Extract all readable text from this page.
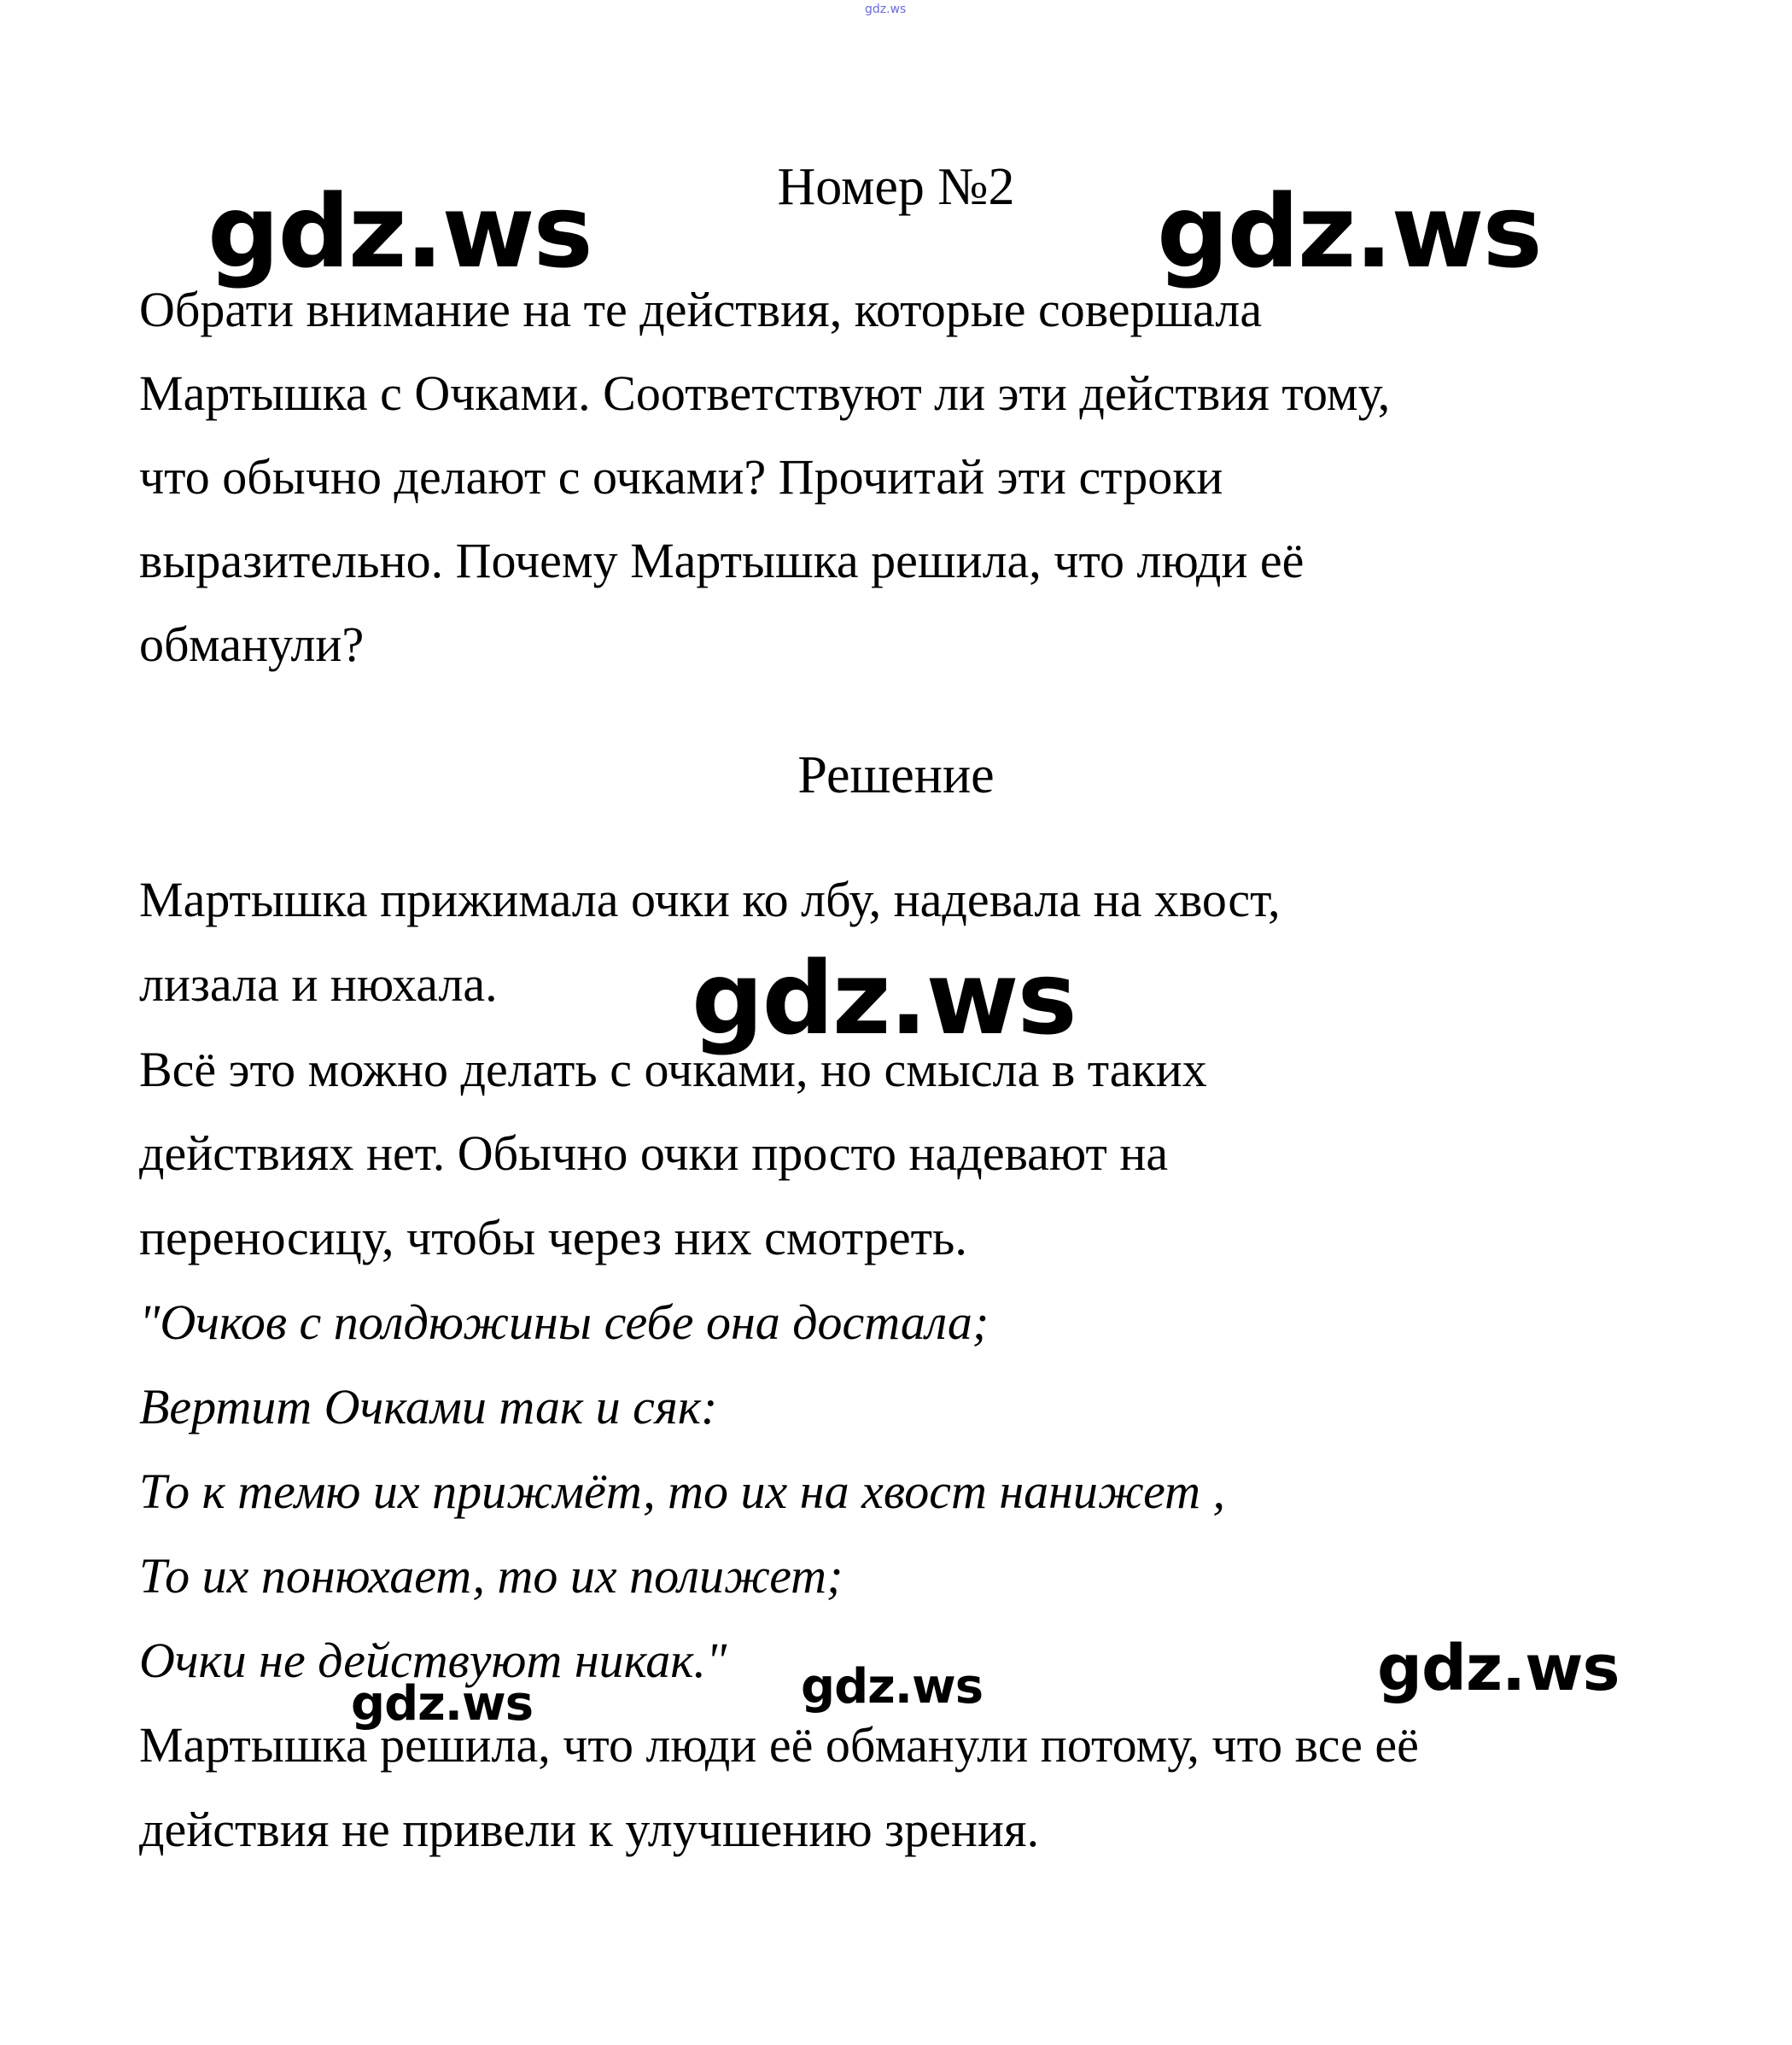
gdz.ws
Номер №2
Обрати внимание на те действия, которые совершала
Мартышка с Очками. Соответствуют ли эти действия тому,
что обычно делают с очками? Прочитай эти строки
выразительно. Почему Мартышка решила, что люди её
обманули?
Решение
Мартышка прижимала очки ко лбу, надевала на хвост,
лизала и нюхала.
Всё это можно делать с очками, но смысла в таких
действиях нет. Обычно очки просто надевают на
переносицу, чтобы через них смотреть.
"Очков с полдюжины себе она достала;
Вертит Очками так и сяк:
То к темю их прижмёт, то их на хвост нанижет ,
То их понюхает, то их полижет;
Очки не действуют никак."
Мартышка решила, что люди её обманули потому, что все её
действия не привели к улучшению зрения.
gdz.ws	gdz.ws
gdz.ws
gdz.ws
gdz.ws
gdz.ws
